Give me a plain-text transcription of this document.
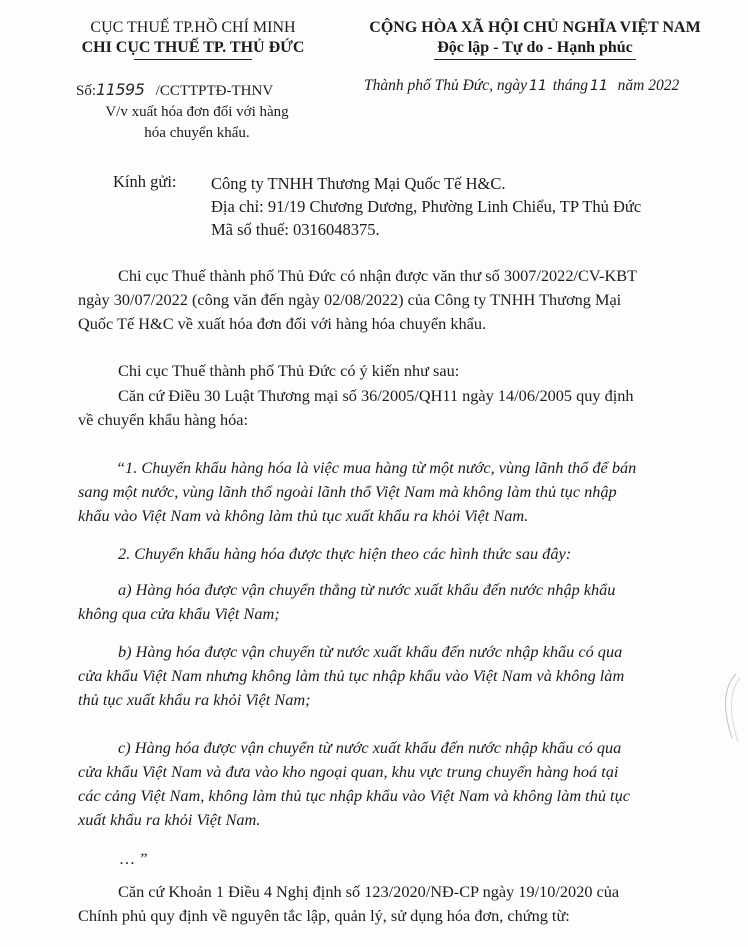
CỤC THUẾ TP.HỒ CHÍ MINH
CHI CỤC THUẾ TP. THỦ ĐỨC
CỘNG HÒA XÃ HỘI CHỦ NGHĨA VIỆT NAM
Độc lập - Tự do - Hạnh phúc
Số:11595 /CCTTPTĐ-THNV
V/v xuất hóa đơn đối với hàng
hóa chuyển khẩu.
Thành phố Thủ Đức, ngày 11 tháng 11 năm 2022
Kính gửi: Công ty TNHH Thương Mại Quốc Tế H&C.
Địa chỉ: 91/19 Chương Dương, Phường Linh Chiểu, TP Thủ Đức
Mã số thuế: 0316048375.
Chi cục Thuế thành phố Thủ Đức có nhận được văn thư số 3007/2022/CV-KBT
ngày 30/07/2022 (công văn đến ngày 02/08/2022) của Công ty TNHH Thương Mại
Quốc Tế H&C về xuất hóa đơn đối với hàng hóa chuyển khẩu.
Chi cục Thuế thành phố Thủ Đức có ý kiến như sau:
Căn cứ Điều 30 Luật Thương mại số 36/2005/QH11 ngày 14/06/2005 quy định
về chuyển khẩu hàng hóa:
“1. Chuyển khẩu hàng hóa là việc mua hàng từ một nước, vùng lãnh thổ để bán
sang một nước, vùng lãnh thổ ngoài lãnh thổ Việt Nam mà không làm thủ tục nhập
khẩu vào Việt Nam và không làm thủ tục xuất khẩu ra khỏi Việt Nam.
2. Chuyển khẩu hàng hóa được thực hiện theo các hình thức sau đây:
a) Hàng hóa được vận chuyển thẳng từ nước xuất khẩu đến nước nhập khẩu
không qua cửa khẩu Việt Nam;
b) Hàng hóa được vận chuyển từ nước xuất khẩu đến nước nhập khẩu có qua
cửa khẩu Việt Nam nhưng không làm thủ tục nhập khẩu vào Việt Nam và không làm
thủ tục xuất khẩu ra khỏi Việt Nam;
c) Hàng hóa được vận chuyển từ nước xuất khẩu đến nước nhập khẩu có qua
cửa khẩu Việt Nam và đưa vào kho ngoại quan, khu vực trung chuyển hàng hoá tại
các cảng Việt Nam, không làm thủ tục nhập khẩu vào Việt Nam và không làm thủ tục
xuất khẩu ra khỏi Việt Nam.
… ”
Căn cứ Khoản 1 Điều 4 Nghị định số 123/2020/NĐ-CP ngày 19/10/2020 của
Chính phủ quy định về nguyên tắc lập, quản lý, sử dụng hóa đơn, chứng từ:
